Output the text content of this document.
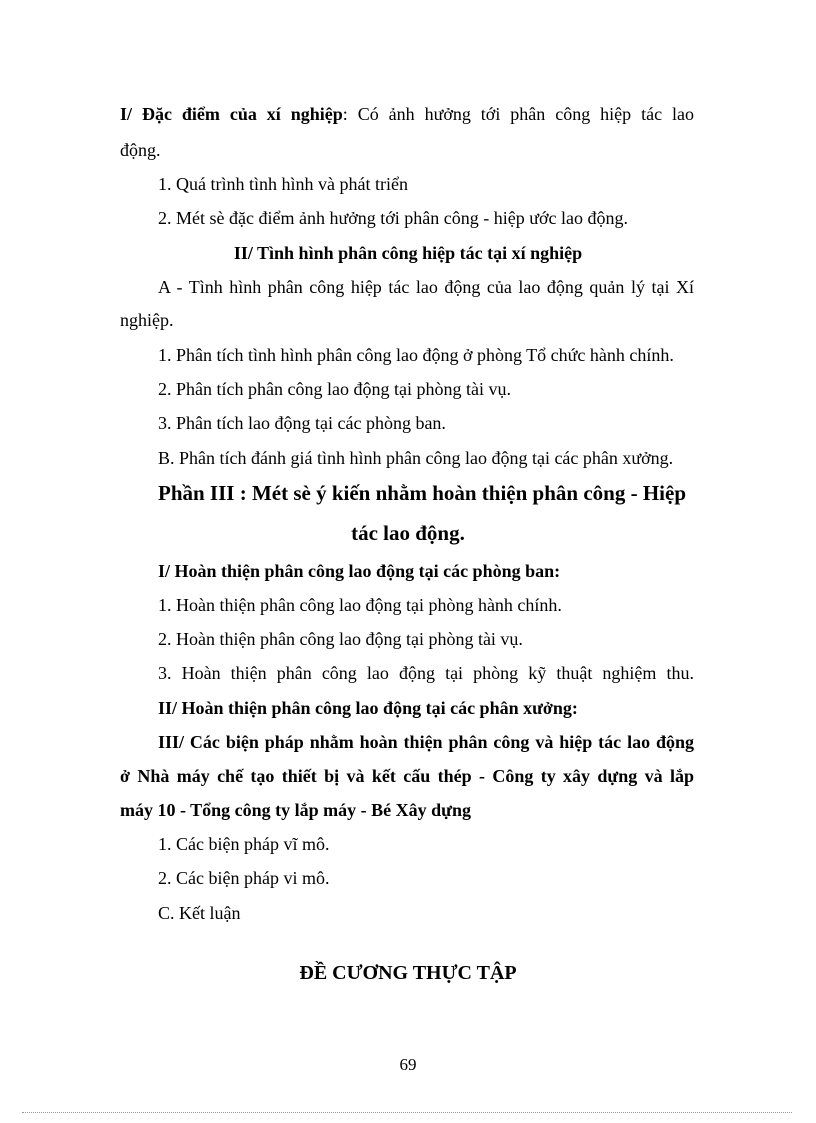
I/ Đặc điểm của xí nghiệp: Có ảnh hưởng tới phân công hiệp tác lao

động.

1. Quá trình tình hình và phát triển

2. Mét sè đặc điểm ảnh hưởng tới phân công - hiệp ước lao động.

II/ Tình hình phân công hiệp tác tại xí nghiệp

A - Tình hình phân công hiệp tác lao động của lao động quản lý tại Xí

nghiệp.

1. Phân tích tình hình phân công lao động ở phòng Tổ chức hành chính.

2. Phân tích phân công lao động tại phòng tài vụ.

3. Phân tích lao động tại các phòng ban.

B. Phân tích đánh giá tình hình phân công lao động tại các phân xưởng.

Phần III : Mét sè ý kiến nhằm hoàn thiện phân công - Hiệp

tác lao động.

I/ Hoàn thiện phân công lao động tại các phòng ban:

1. Hoàn thiện phân công lao động tại phòng hành chính.

2. Hoàn thiện phân công lao động tại phòng tài vụ.

3. Hoàn thiện phân công lao động tại phòng kỹ thuật nghiệm thu.

II/ Hoàn thiện phân công lao động tại các phân xưởng:

III/ Các biện pháp nhằm hoàn thiện phân công và hiệp tác lao động

ở Nhà máy chế tạo thiết bị và kết cấu thép - Công ty xây dựng và lắp

máy 10 - Tổng công ty lắp máy - Bé Xây dựng

1. Các biện pháp vĩ mô.

2. Các biện pháp vi mô.

C. Kết luận

ĐỀ CƯƠNG THỰC TẬP

69
